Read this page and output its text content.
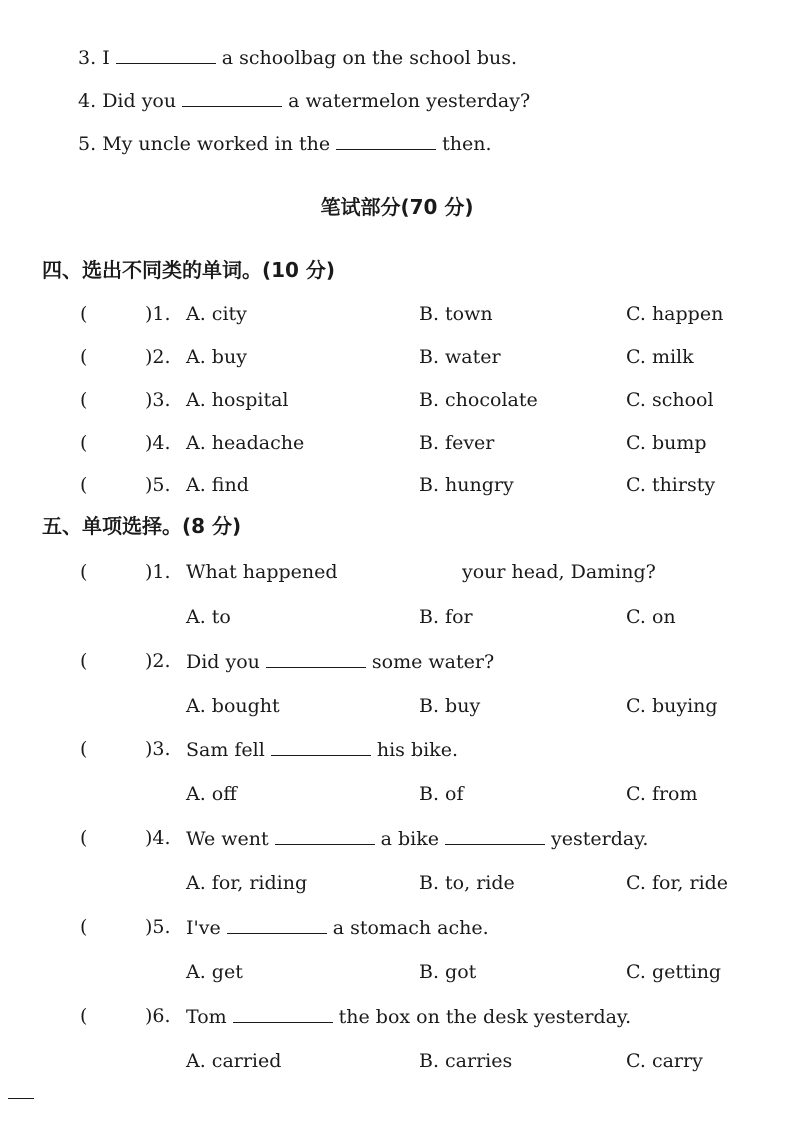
3. I	a schoolbag on the school bus.
4. Did you	a watermelon yesterday?
5. My uncle worked in the	then.
笔试部分(70 分)
四、选出不同类的单词。(10 分)
(	)1. A. city	B. town	C. happen
(	)2. A. buy	B. water	C. milk
(	)3. A. hospital	B. chocolate	C. school
(	)4. A. headache	B. fever	C. bump
(	)5. A. find	B. hungry	C. thirsty
五、单项选择。(8 分)
(	)1. What happened	your head, Daming?
A. to	B. for	C. on
(	)2. Did you	some water?
A. bought	B. buy	C. buying
(	)3. Sam fell	his bike.
A. off	B. of	C. from
(	)4. We went	a bike	yesterday.
A. for, riding	B. to, ride	C. for, ride
(	)5. I've	a stomach ache.
A. get	B. got	C. getting
(	)6. Tom	the box on the desk yesterday.
A. carried	B. carries	C. carry
